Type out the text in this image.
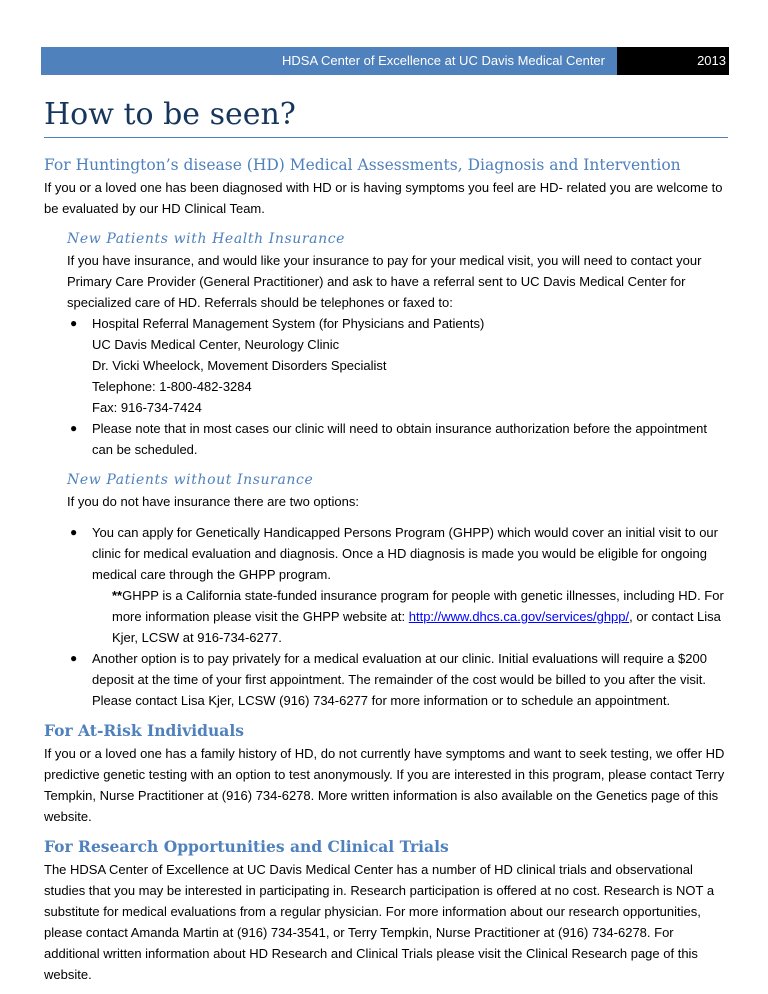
HDSA Center of Excellence at UC Davis Medical Center	2013
How to be seen?
For Huntington’s disease (HD) Medical Assessments, Diagnosis and Intervention

If you or a loved one has been diagnosed with HD or is having symptoms you feel are HD- related you are welcome to be evaluated by our HD Clinical Team.

New Patients with Health Insurance

If you have insurance, and would like your insurance to pay for your medical visit, you will need to contact your Primary Care Provider (General Practitioner) and ask to have a referral sent to UC Davis Medical Center for specialized care of HD. Referrals should be telephones or faxed to:

● Hospital Referral Management System (for Physicians and Patients)
UC Davis Medical Center, Neurology Clinic
Dr. Vicki Wheelock, Movement Disorders Specialist
Telephone: 1-800-482-3284
Fax: 916-734-7424
● Please note that in most cases our clinic will need to obtain insurance authorization before the appointment can be scheduled.
New Patients without Insurance

If you do not have insurance there are two options:

● You can apply for Genetically Handicapped Persons Program (GHPP) which would cover an initial visit to our clinic for medical evaluation and diagnosis. Once a HD diagnosis is made you would be eligible for ongoing medical care through the GHPP program.
**GHPP is a California state-funded insurance program for people with genetic illnesses, including HD. For more information please visit the GHPP website at: http://www.dhcs.ca.gov/services/ghpp/, or contact Lisa Kjer, LCSW at 916-734-6277.
● Another option is to pay privately for a medical evaluation at our clinic. Initial evaluations will require a $200 deposit at the time of your first appointment. The remainder of the cost would be billed to you after the visit. Please contact Lisa Kjer, LCSW (916) 734-6277 for more information or to schedule an appointment.
For At-Risk Individuals

If you or a loved one has a family history of HD, do not currently have symptoms and want to seek testing, we offer HD predictive genetic testing with an option to test anonymously. If you are interested in this program, please contact Terry Tempkin, Nurse Practitioner at (916) 734-6278. More written information is also available on the Genetics page of this website.

For Research Opportunities and Clinical Trials

The HDSA Center of Excellence at UC Davis Medical Center has a number of HD clinical trials and observational studies that you may be interested in participating in. Research participation is offered at no cost. Research is NOT a substitute for medical evaluations from a regular physician. For more information about our research opportunities, please contact Amanda Martin at (916) 734-3541, or Terry Tempkin, Nurse Practitioner at (916) 734-6278. For additional written information about HD Research and Clinical Trials please visit the Clinical Research page of this website.
